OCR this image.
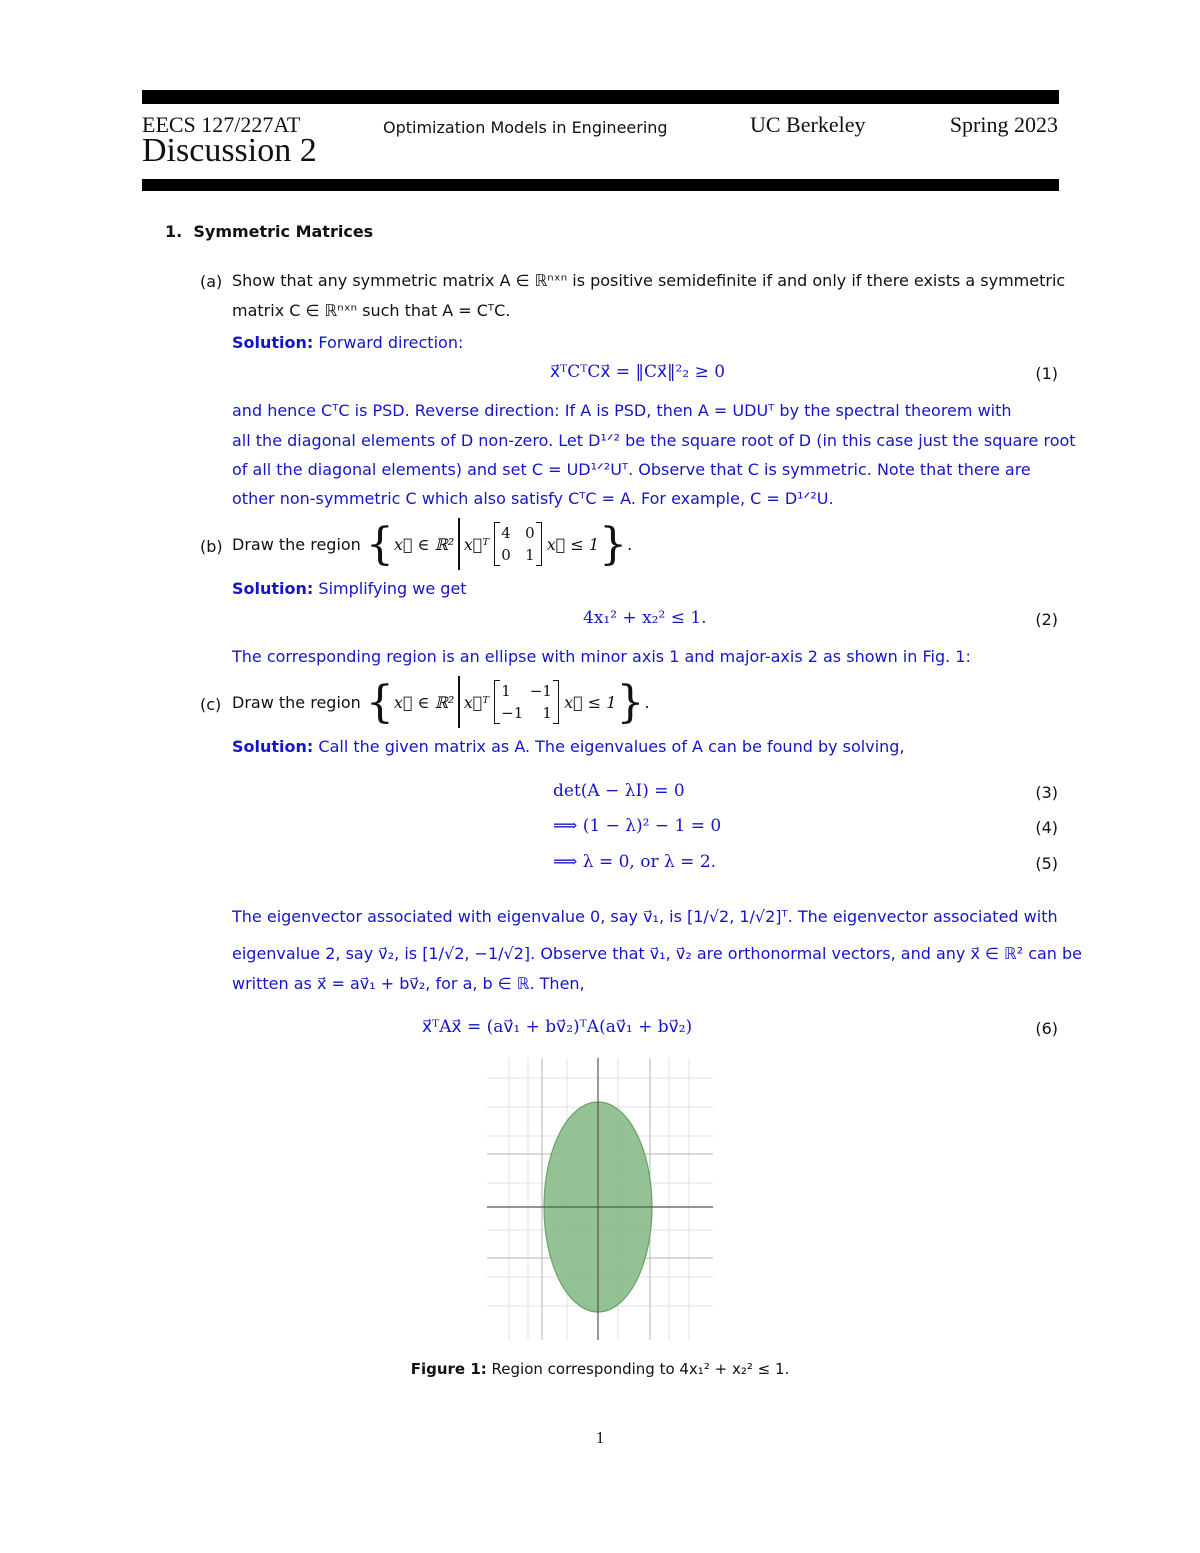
EECS 127/227AT	Optimization Models in Engineering	UC Berkeley	Spring 2023
Discussion 2
1. Symmetric Matrices
(a) Show that any symmetric matrix A ∈ ℝⁿˣⁿ is positive semidefinite if and only if there exists a symmetric
matrix C ∈ ℝⁿˣⁿ such that A = CᵀC.
Solution: Forward direction:
x⃗ᵀCᵀCx⃗ = ‖Cx⃗‖²₂ ≥ 0	(1)
and hence CᵀC is PSD. Reverse direction: If A is PSD, then A = UDUᵀ by the spectral theorem with
all the diagonal elements of D non-zero. Let D¹ᐟ² be the square root of D (in this case just the square root
of all the diagonal elements) and set C = UD¹ᐟ²Uᵀ. Observe that C is symmetric. Note that there are
other non-symmetric C which also satisfy CᵀC = A. For example, C = D¹ᐟ²U.
(b) Draw the region
{ x⃗ ∈ ℝ² x⃗ᵀ

4 0
0 1

x⃗ ≤ 1 } .
Solution: Simplifying we get
4x₁² + x₂² ≤ 1.	(2)
The corresponding region is an ellipse with minor axis 1 and major-axis 2 as shown in Fig. 1:
(c) Draw the region
{ x⃗ ∈ ℝ² x⃗ᵀ

1 −1
−1 1

x⃗ ≤ 1 } .
Solution: Call the given matrix as A. The eigenvalues of A can be found by solving,
det(A − λI) = 0	(3)
⟹ (1 − λ)² − 1 = 0	(4)
⟹ λ = 0, or λ = 2.	(5)
The eigenvector associated with eigenvalue 0, say v⃗₁, is [1/√2, 1/√2]ᵀ. The eigenvector associated with
eigenvalue 2, say v⃗₂, is [1/√2, −1/√2]. Observe that v⃗₁, v⃗₂ are orthonormal vectors, and any x⃗ ∈ ℝ² can be
written as x⃗ = av⃗₁ + bv⃗₂, for a, b ∈ ℝ. Then,
x⃗ᵀAx⃗ = (av⃗₁ + bv⃗₂)ᵀA(av⃗₁ + bv⃗₂)	(6)
Figure 1: Region corresponding to 4x₁² + x₂² ≤ 1.
1
